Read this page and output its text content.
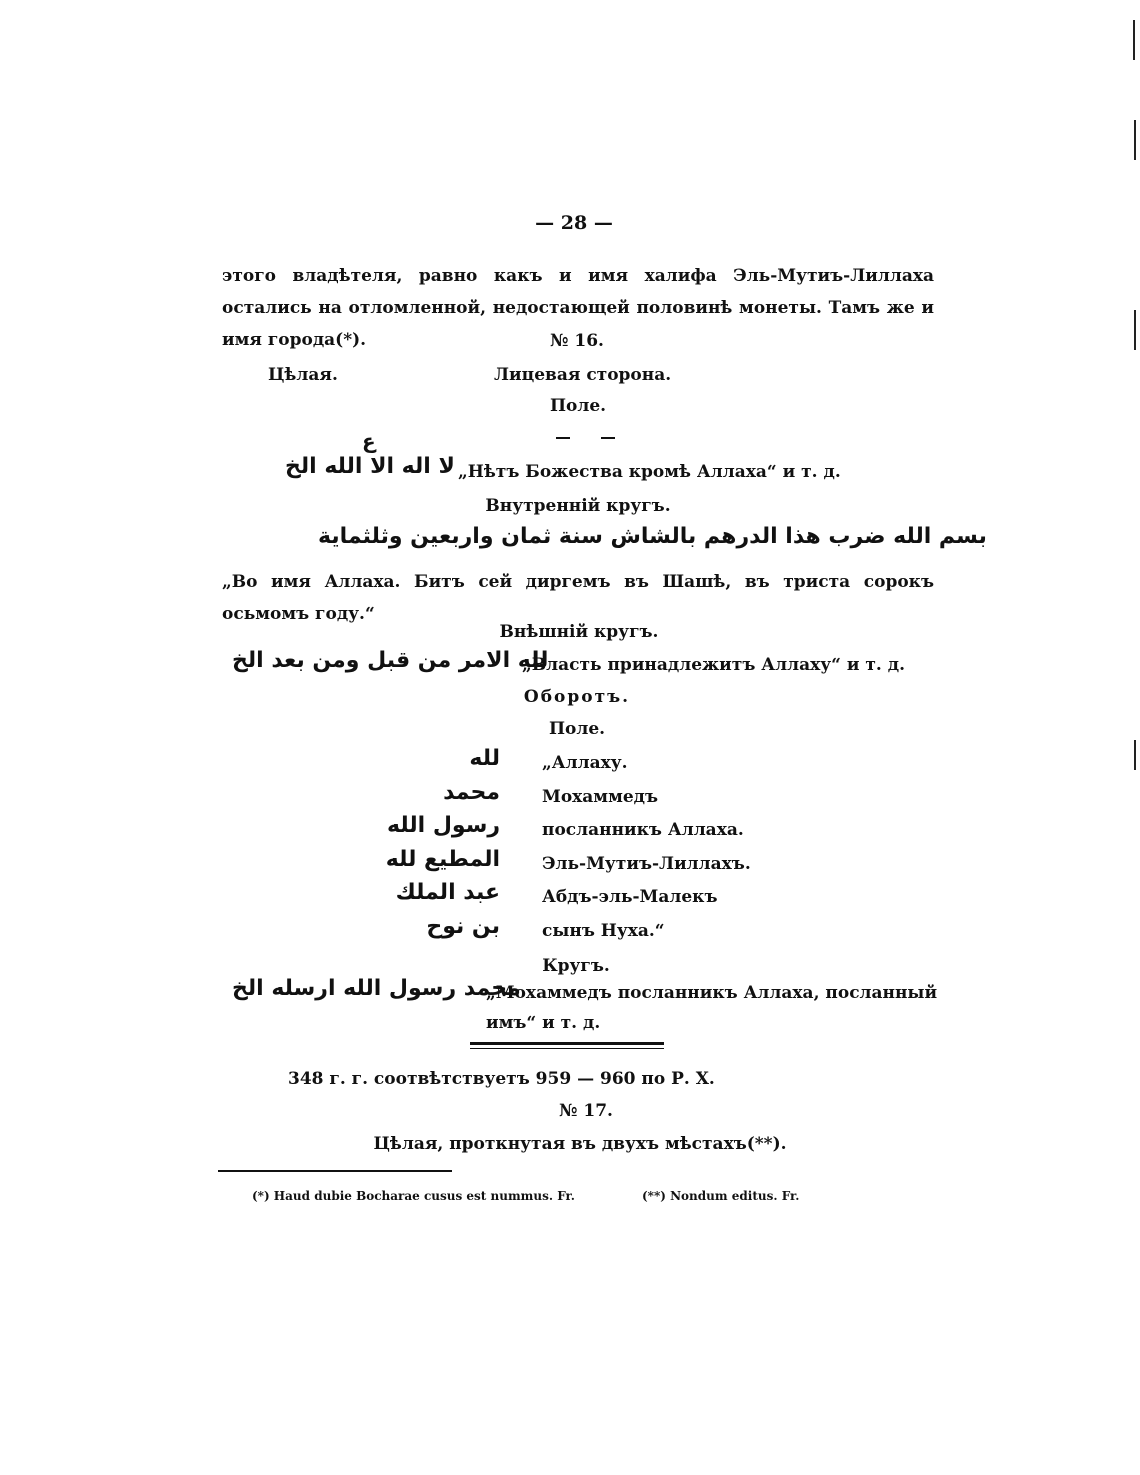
— 28 —
этого владѣтеля, равно какъ и имя халифа Эль-Мутиъ-Лиллаха остались на отломленной, недостающей половинѣ монеты. Тамъ же и имя города(*).	№ 16.
Цѣлая.	Лицевая сторона.
Поле.
ع
لا اله الا الله الخ „Нѣтъ Божества кромѣ Аллаха“ и т. д.
Внутренній кругъ.
بسم الله ضرب هذا الدرهم بالشاش سنة ثمان واربعين وثلثماية
„Во имя Аллаха. Битъ сей диргемъ въ Шашѣ, въ триста сорокъ осьмомъ году.“
Внѣшній кругъ.
لله الامر من قبل ومن بعد الخ
„Власть принадлежитъ Аллаху“ и т. д.
Оборотъ.
Поле.
لله „Аллаху.
محمد Мохаммедъ
رسول الله посланникъ Аллаха.
المطيع لله Эль-Мутиъ-Лиллахъ.
عبد الملك Абдъ-эль-Малекъ
بن نوح сынъ Нуха.“
Кругъ.
محمد رسول الله ارسله الخ
„Мохаммедъ посланникъ Аллаха, посланный
имъ“ и т. д.
348 г. г. соотвѣтствуетъ 959 — 960 по Р. Х.
№ 17.
Цѣлая, проткнутая въ двухъ мѣстахъ(**).
(*) Haud dubie Bocharae cusus est nummus. Fr.	(**) Nondum editus. Fr.
